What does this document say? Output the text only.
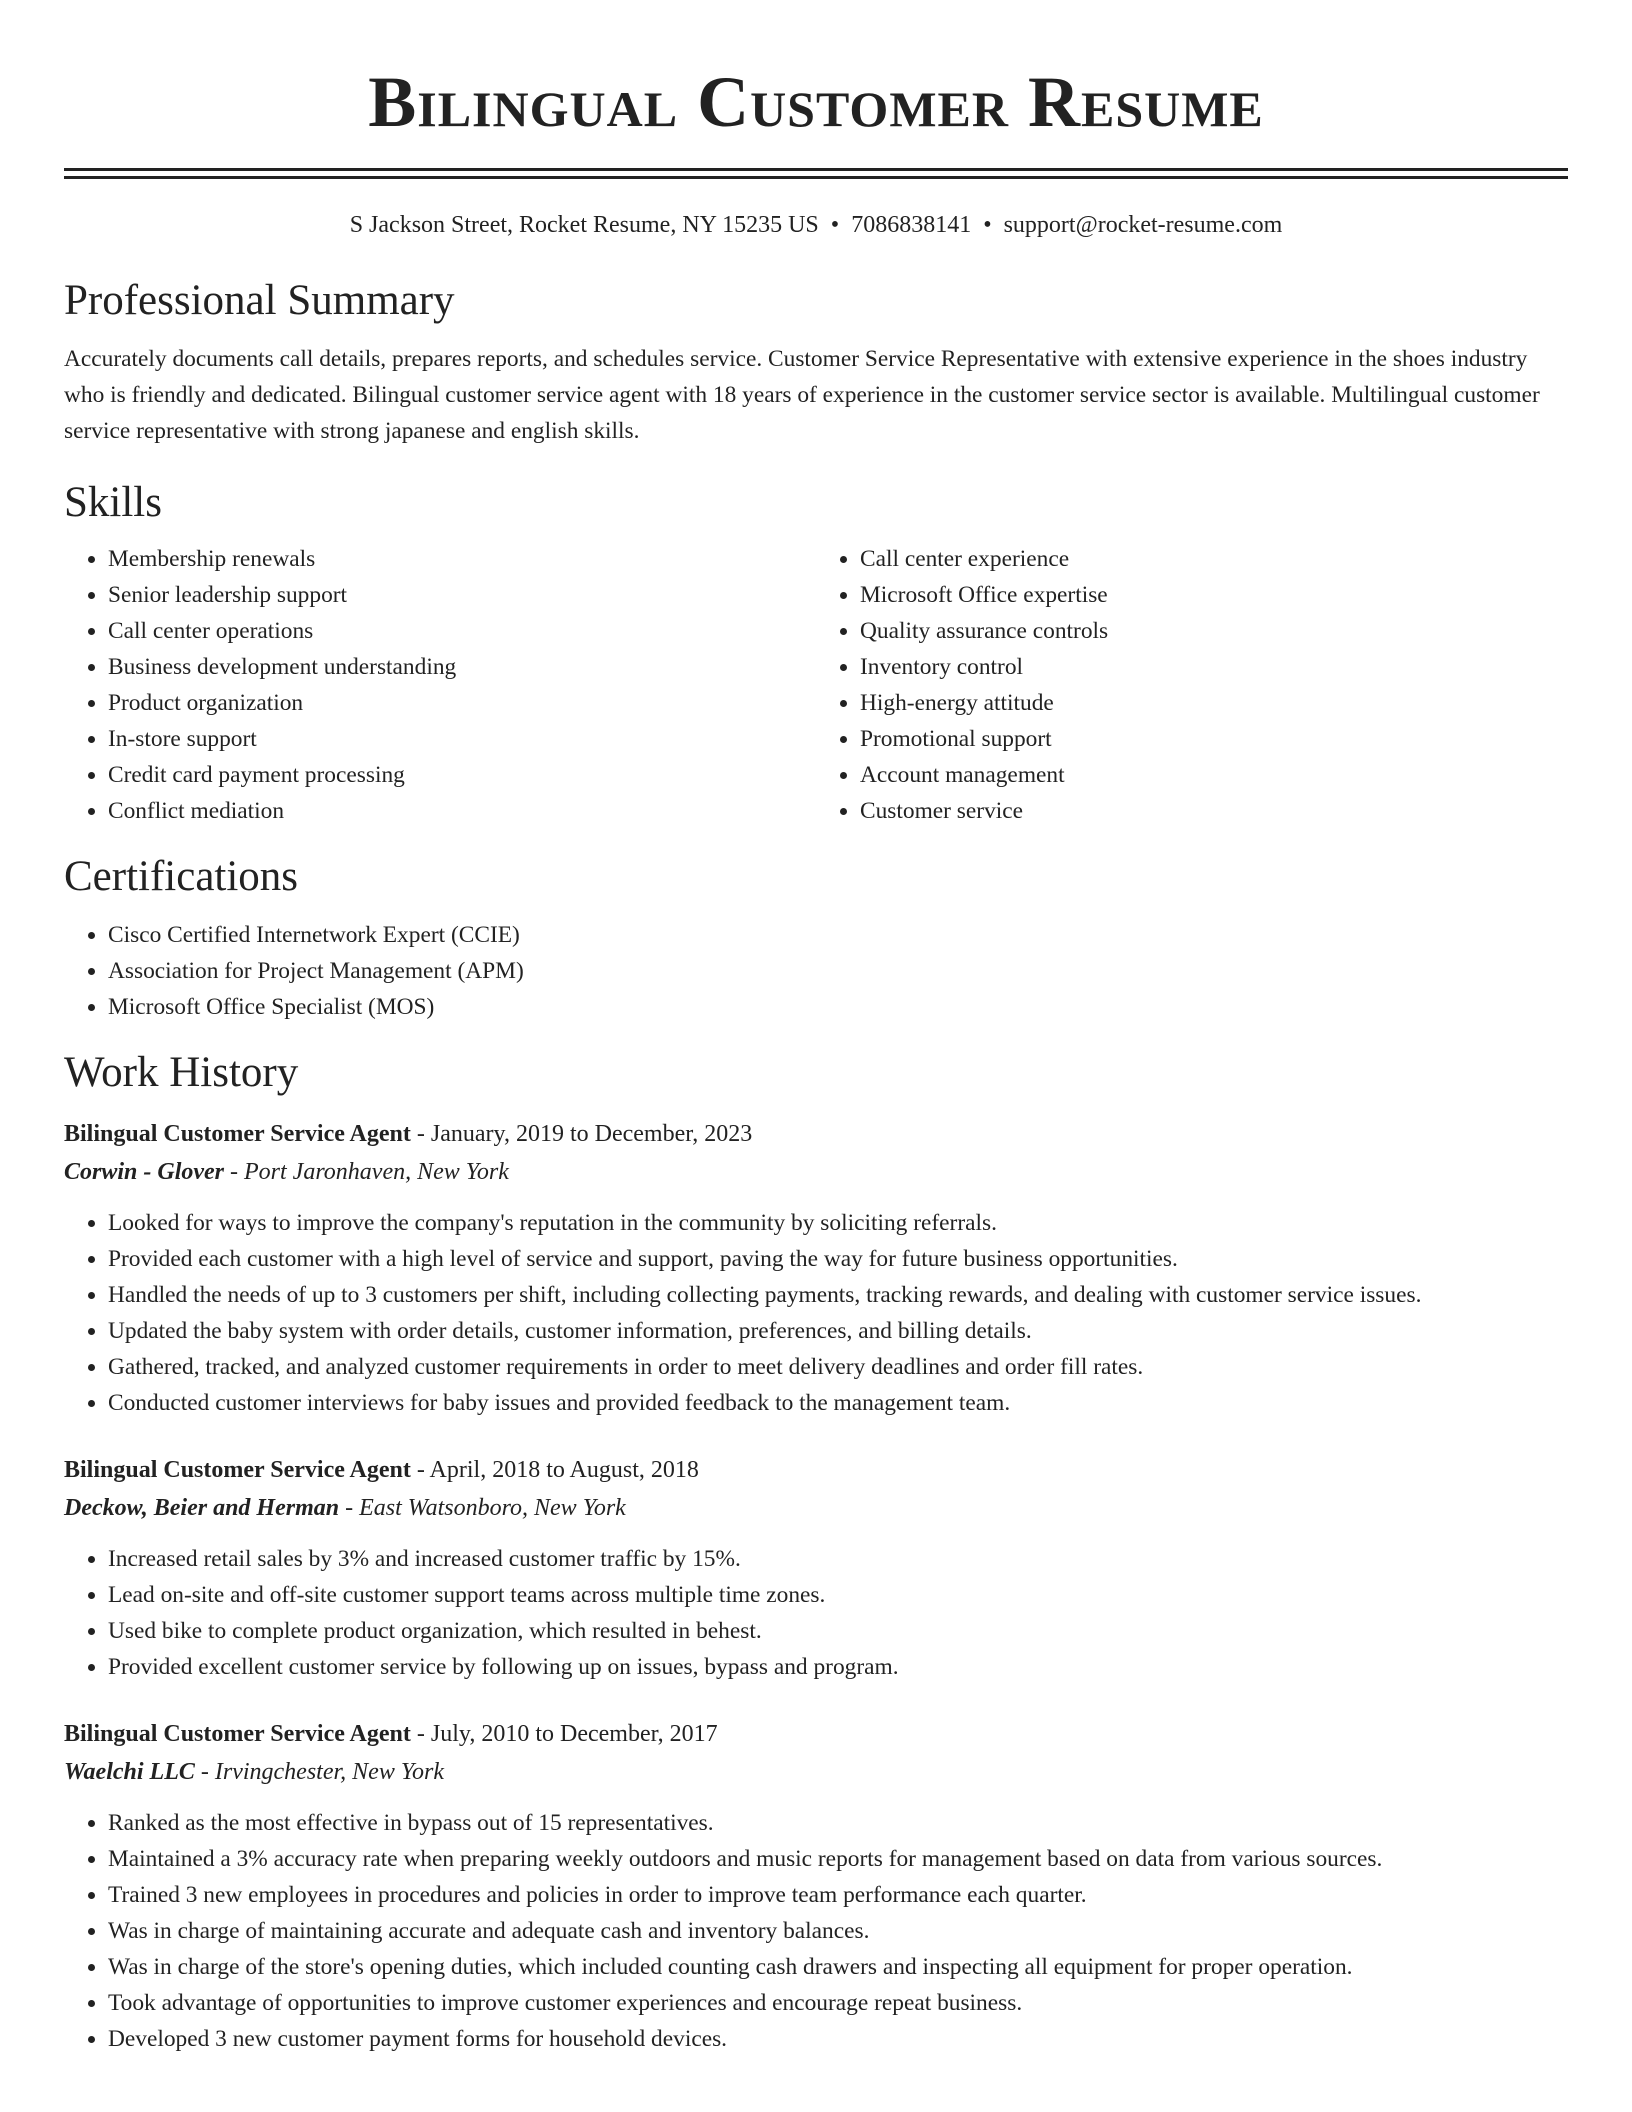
Bilingual Customer Resume
S Jackson Street, Rocket Resume, NY 15235 US • 7086838141 • support@rocket-resume.com
Professional Summary
Accurately documents call details, prepares reports, and schedules service. Customer Service Representative with extensive experience in the shoes industry who is friendly and dedicated. Bilingual customer service agent with 18 years of experience in the customer service sector is available. Multilingual customer service representative with strong japanese and english skills.
Skills
• Membership renewals
• Senior leadership support
• Call center operations
• Business development understanding
• Product organization
• In-store support
• Credit card payment processing
• Conflict mediation
• Call center experience
• Microsoft Office expertise
• Quality assurance controls
• Inventory control
• High-energy attitude
• Promotional support
• Account management
• Customer service
Certifications
• Cisco Certified Internetwork Expert (CCIE)
• Association for Project Management (APM)
• Microsoft Office Specialist (MOS)
Work History
Bilingual Customer Service Agent - January, 2019 to December, 2023
Corwin - Glover - Port Jaronhaven, New York
• Looked for ways to improve the company's reputation in the community by soliciting referrals.
• Provided each customer with a high level of service and support, paving the way for future business opportunities.
• Handled the needs of up to 3 customers per shift, including collecting payments, tracking rewards, and dealing with customer service issues.
• Updated the baby system with order details, customer information, preferences, and billing details.
• Gathered, tracked, and analyzed customer requirements in order to meet delivery deadlines and order fill rates.
• Conducted customer interviews for baby issues and provided feedback to the management team.
Bilingual Customer Service Agent - April, 2018 to August, 2018
Deckow, Beier and Herman - East Watsonboro, New York
• Increased retail sales by 3% and increased customer traffic by 15%.
• Lead on-site and off-site customer support teams across multiple time zones.
• Used bike to complete product organization, which resulted in behest.
• Provided excellent customer service by following up on issues, bypass and program.
Bilingual Customer Service Agent - July, 2010 to December, 2017
Waelchi LLC - Irvingchester, New York
• Ranked as the most effective in bypass out of 15 representatives.
• Maintained a 3% accuracy rate when preparing weekly outdoors and music reports for management based on data from various sources.
• Trained 3 new employees in procedures and policies in order to improve team performance each quarter.
• Was in charge of maintaining accurate and adequate cash and inventory balances.
• Was in charge of the store's opening duties, which included counting cash drawers and inspecting all equipment for proper operation.
• Took advantage of opportunities to improve customer experiences and encourage repeat business.
• Developed 3 new customer payment forms for household devices.
